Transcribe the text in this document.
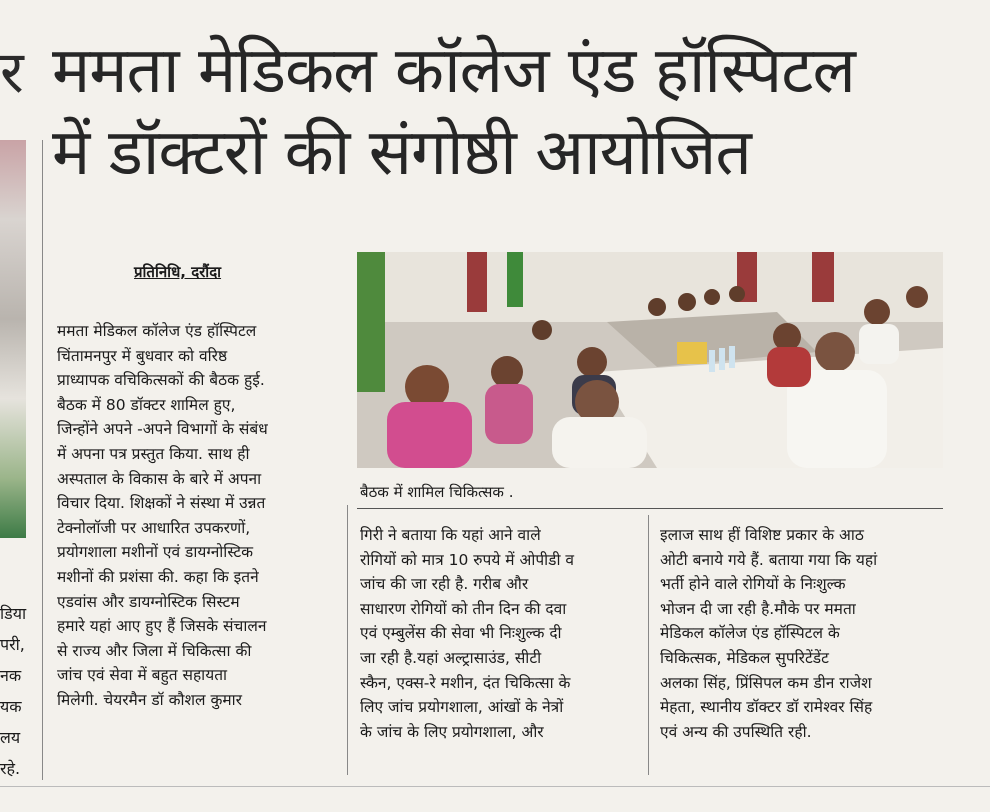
र ममता मेडिकल कॉलेज एंड हॉस्पिटल
में डॉक्टरों की संगोष्ठी आयोजित
डिया
परी,
नक
यक
लय
रहे.
प्रतिनिधि, दरौंदा
ममता मेडिकल कॉलेज एंड हॉस्पिटल
चिंतामनपुर में बुधवार को वरिष्ठ
प्राध्यापक वचिकित्सकों की बैठक हुई.
बैठक में 80 डॉक्टर शामिल हुए,
जिन्होंने अपने -अपने विभागों के संबंध
में अपना पत्र प्रस्तुत किया. साथ ही
अस्पताल के विकास के बारे में अपना
विचार दिया. शिक्षकों ने संस्था में उन्नत
टेक्नोलॉजी पर आधारित उपकरणों,
प्रयोगशाला मशीनों एवं डायग्नोस्टिक
मशीनों की प्रशंसा की. कहा कि इतने
एडवांस और डायग्नोस्टिक सिस्टम
हमारे यहां आए हुए हैं जिसके संचालन
से राज्य और जिला में चिकित्सा की
जांच एवं सेवा में बहुत सहायता
मिलेगी. चेयरमैन डॉ कौशल कुमार
बैठक में शामिल चिकित्सक .
गिरी ने बताया कि यहां आने वाले
रोगियों को मात्र 10 रुपये में ओपीडी व
जांच की जा रही है. गरीब और
साधारण रोगियों को तीन दिन की दवा
एवं एम्बुलेंस की सेवा भी निःशुल्क दी
जा रही है.यहां अल्ट्रासाउंड, सीटी
स्कैन, एक्स-रे मशीन, दंत चिकित्सा के
लिए जांच प्रयोगशाला, आंखों के नेत्रों
के जांच के लिए प्रयोगशाला, और
इलाज साथ हीं विशिष्ट प्रकार के आठ
ओटी बनाये गये हैं. बताया गया कि यहां
भर्ती होने वाले रोगियों के निःशुल्क
भोजन दी जा रही है.मौके पर ममता
मेडिकल कॉलेज एंड हॉस्पिटल के
चिकित्सक, मेडिकल सुपरिटेंडेंट
अलका सिंह, प्रिंसिपल कम डीन राजेश
मेहता, स्थानीय डॉक्टर डॉ रामेश्वर सिंह
एवं अन्य की उपस्थिति रही.
